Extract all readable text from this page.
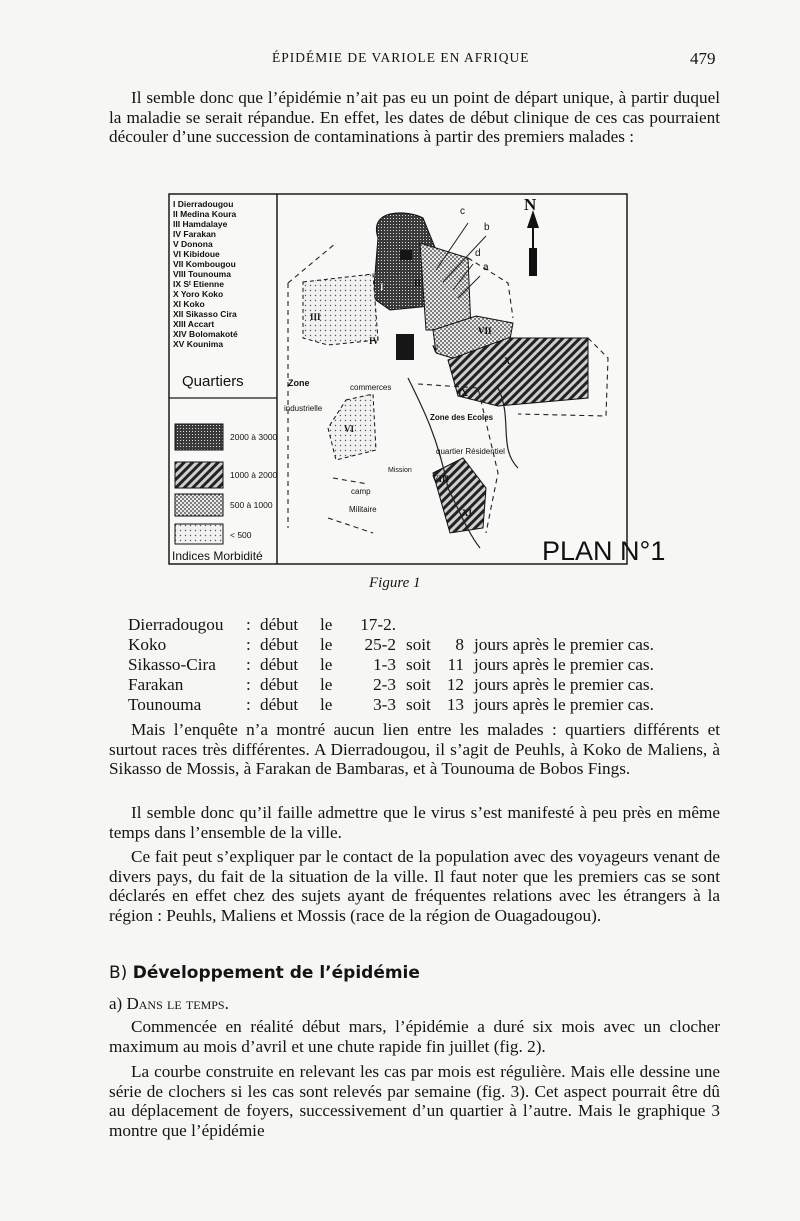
ÉPIDÉMIE DE VARIOLE EN AFRIQUE	479

Il semble donc que l’épidémie n’ait pas eu un point de départ unique, à partir duquel la maladie se serait répandue. En effet, les dates de début clinique de ces cas pourraient découler d’une succession de contaminations à partir des premiers malades :

I Dierradougou
II Medina Koura
III Hamdalaye
IV Farakan
V Donona
VI Kibidoue
VII Kombougou
VIII Tounouma
IX Sᵗ Etienne
X Yoro Koko
XI Koko
XII Sikasso Cira
XIII Accart
XIV Bolomakoté
XV Kounima
Quartiers
2000 à 3000
1000 à 2000
500 à 1000
< 500
Indices Morbidité
N
Zone
industrielle
commerces
Zone des Ecoles
quartier Résidentiel
Mission
camp
Militaire
c
b
d
a
I
III
II
IV
V
VII
X
IX
VIII
XI
VI
PLAN N°1
Figure 1
Dierradougou	: début	le	17-2.
Koko	: début	le	25-2 soit	8 jours après le premier cas.
Sikasso-Cira	: début	le	1-3 soit 11 jours après le premier cas.
Farakan	: début	le	2-3 soit 12 jours après le premier cas.
Tounouma	: début	le	3-3 soit 13 jours après le premier cas.

Mais l’enquête n’a montré aucun lien entre les malades : quartiers différents et surtout races très différentes. A Dierradougou, il s’agit de Peuhls, à Koko de Maliens, à Sikasso de Mossis, à Farakan de Bambaras, et à Tounouma de Bobos Fings.

Il semble donc qu’il faille admettre que le virus s’est manifesté à peu près en même temps dans l’ensemble de la ville.

Ce fait peut s’expliquer par le contact de la population avec des voyageurs venant de divers pays, du fait de la situation de la ville. Il faut noter que les premiers cas se sont déclarés en effet chez des sujets ayant de fréquentes relations avec les étrangers à la région : Peuhls, Maliens et Mossis (race de la région de Ouagadougou).

B) Développement de l’épidémie
a) Dans le temps.

Commencée en réalité début mars, l’épidémie a duré six mois avec un clocher maximum au mois d’avril et une chute rapide fin juillet (fig. 2).

La courbe construite en relevant les cas par mois est régulière. Mais elle dessine une série de clochers si les cas sont relevés par semaine (fig. 3). Cet aspect pourrait être dû au déplacement de foyers, successivement d’un quartier à l’autre. Mais le graphique 3 montre que l’épidémie
